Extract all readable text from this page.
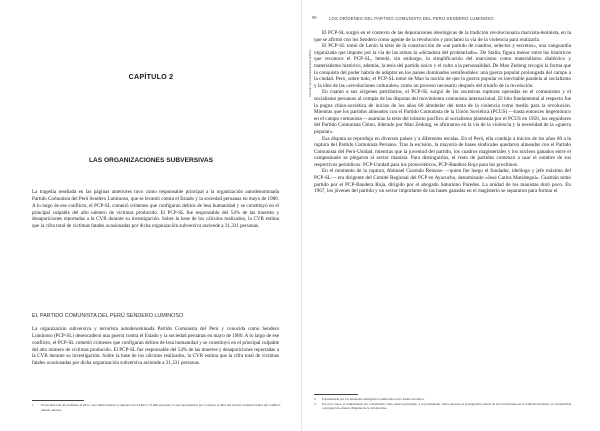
CAPÍTULO 2
LAS ORGANIZACIONES SUBVERSIVAS

La tragedia reseñada en las páginas anteriores tuvo como responsable principal a la organización autodenominada Partido Comunista del Perú Sendero Luminoso, que se levantó contra el Estado y la sociedad peruanas en mayo de 1980. A lo largo de ese conflicto, el PCP-SL cometió crímenes que configuran delitos de lesa humanidad y se constituyó en el principal culpable del alto número de víctimas producido. El PCP-SL fue responsable del 54% de las muertes y desapariciones reportadas a la CVR durante su investigación. Sobre la base de los cálculos realizados, la CVR estima que la cifra total de víctimas fatales ocasionadas por dicha organización subversiva asciende a 31,331 personas.

EL PARTIDO COMUNISTA DEL PERÚ SENDERO LUMINOSO

La organización subversiva y terrorista autodenominada Partido Comunista del Perú y conocida como Sendero Luminoso (PCP-SL) desencadenó una guerra contra el Estado y la sociedad peruanas en mayo de 1980. A lo largo de ese conflicto, el PCP-SL cometió crímenes que configuran delitos de lesa humanidad y se constituyó en el principal culpable del alto número de víctimas producido. El PCP-SL fue responsable del 54% de las muertes y desapariciones reportadas a la CVR durante su investigación. Sobre la base de los cálculos realizados, la CVR estima que la cifra total de víctimas fatales ocasionadas por dicha organización subversiva asciende a 31,331 personas.

1	En un intervalo de confianza al 95%, cuyo límite inferior y superior son 24,823 y 37,840 personas, lo que representaría por lo menos el 46% del total de víctimas fatales del conflicto armado interno.

98	LOS ORÍGENES DEL PARTIDO COMUNISTA DEL PERÚ SENDERO LUMINOSO
Periodo tuyo: la historia del conflicto

El PCP-SL surgió en el contexto de las depuraciones ideológicas de la tradición revolucionaria marxista-leninista, en la que se afirmó con los Sendero como agente de la revolución y proclamó la vía de la violencia para realizarla.

El PCP-SL tomó de Lenin la tesis de la construcción de «un partido de cuadros, selectos y secretos», una vanguardia organizada que impone por la vía de las armas la «dictadura del proletariado». De Stalin, figura menor entre los históricos que reconoce el PCP-SL, heredó, sin embargo, la simplificación del marxismo como materialismo dialéctico y materialismo histórico, además, la tesis del partido único y el culto a la personalidad. De Mao Zedong recogió la forma que la conquista del poder habría de adoptar en los países dominados semifeudales: una guerra popular prolongada del campo a la ciudad. Pero, sobre todo, el PCP-SL tomó de Mao la noción de que la guerra popular es inevitable paralela al socialismo y la idea de las «revoluciones culturales» como un proceso necesario después del triunfo de la revolución.

En cuanto a sus orígenes partidarios, el PCP-SL surgió de las sucesivas rupturas operadas en el comunismo y el socialismo peruanos al compás de las disputas del movimiento comunista internacional. El hito fundamental al respecto fue la pugna chino-soviética de inicios de los años 60 alrededor del tema de la violencia como medio para la revolución. Mientras que los partidos alineados con el Partido Comunista de la Unión Soviética (PCUS) —hasta entonces hegemónico en el campo comunista— asumían la tesis del tránsito pacífico al socialismo planteada por el PCUS en 1956, los seguidores del Partido Comunista Chino, liderado por Mao Zedong, se afirmaron en la vía de la violencia y la necesidad de la «guerra popular».

Esa disputa se reprodujo en diversos países y a diferentes escalas. En el Perú, ella condujo a inicios de los años 60 a la ruptura del Partido Comunista Peruano. Tras la escisión, la mayoría de bases sindicales quedaron alineadas con el Partido Comunista del Perú-Unidad, mientras que la juventud del partido, los cuadros magisteriales y los núcleos ganados entre el campesinado se plegaron al sector maoísta. Para distinguirlos, el resto de partidos comenzó a usar el nombre de sus respectivos periódicos: PCP-Unidad para los prosoviéticos, PCP-Bandera Roja para los prochinos.

En el momento de la ruptura, Abimael Guzmán Reinoso —quien fue luego el fundador, ideólogo y jefe máximo del PCP-SL— era dirigente del Comité Regional del PCP en Ayacucho, denominado «José Carlos Mariátegui». Guzmán tomó partido por el PCP-Bandera Roja, dirigido por el abogado Saturnino Paredes. La unidad de los maoístas duró poco. En 1967, los jóvenes del partido y un sector importante de las bases ganadas en el magisterio se separaron para formar el

2 Popularizada por los manuales divulgativos publicados en la Unión Soviética.
3 En otros casos, el campesinado era considerado como «fuerza principal» y el proletariado, fuera entonces el protagonista central de las revoluciones en la tradición marxista, se circunscribía a un papel de «fuerza dirigente de la revolución».
